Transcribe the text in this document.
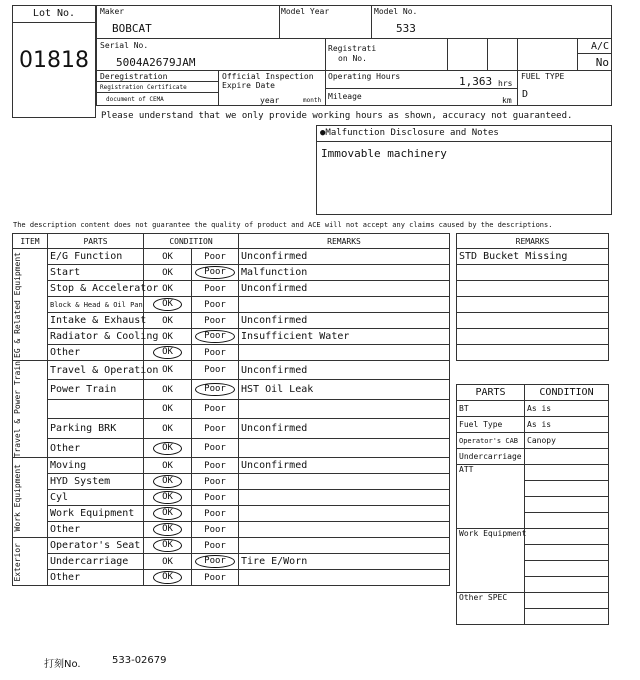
Lot No.
01818
Maker
BOBCAT
Model Year	Model No.
533
Serial No.
5004A2679JAM
Registrati
on No.
A/C
No
Deregistration
Registration Certificate
document of CEMA
Official Inspection
Expire Date
year	month
Operating Hours	1,363 hrs
Mileage	km
FUEL TYPE
D
Please understand that we only provide working hours as shown, accuracy not guaranteed.
●Malfunction Disclosure and Notes
Immovable machinery
The description content does not guarantee the quality of product and ACE will not accept any claims caused by the descriptions.
ITEM	PARTS	CONDITION		REMARKS

EG & Related Equipment	E/G Function	OK	Poor	Unconfirmed
	Start	OK	Poor	Malfunction
	Stop & Accelerator	OK	Poor	Unconfirmed
	Block & Head & Oil Pan	OK	Poor	
	Intake & Exhaust	OK	Poor	Unconfirmed
	Radiator & Cooling	OK	Poor	Insufficient Water
	Other	OK	Poor	

Travel & Power Train	Travel & Operation	OK	Poor	Unconfirmed
	Power Train	OK	Poor	HST Oil Leak
		OK	Poor	
	Parking BRK	OK	Poor	Unconfirmed
	Other	OK	Poor	

Work Equipment	Moving	OK	Poor	Unconfirmed
	HYD System	OK	Poor	
	Cyl	OK	Poor	
	Work Equipment	OK	Poor	
	Other	OK	Poor	

Exterior	Operator's Seat	OK	Poor	
	Undercarriage	OK	Poor	Tire E/Worn
	Other	OK	Poor	
REMARKS
STD Bucket Missing

PARTS	CONDITION
BT	As is
Fuel Type	As is
Operator's CAB	Canopy
Undercarriage	
ATT	

Work Equipment	

Other SPEC	

打刻No.	533-02679
